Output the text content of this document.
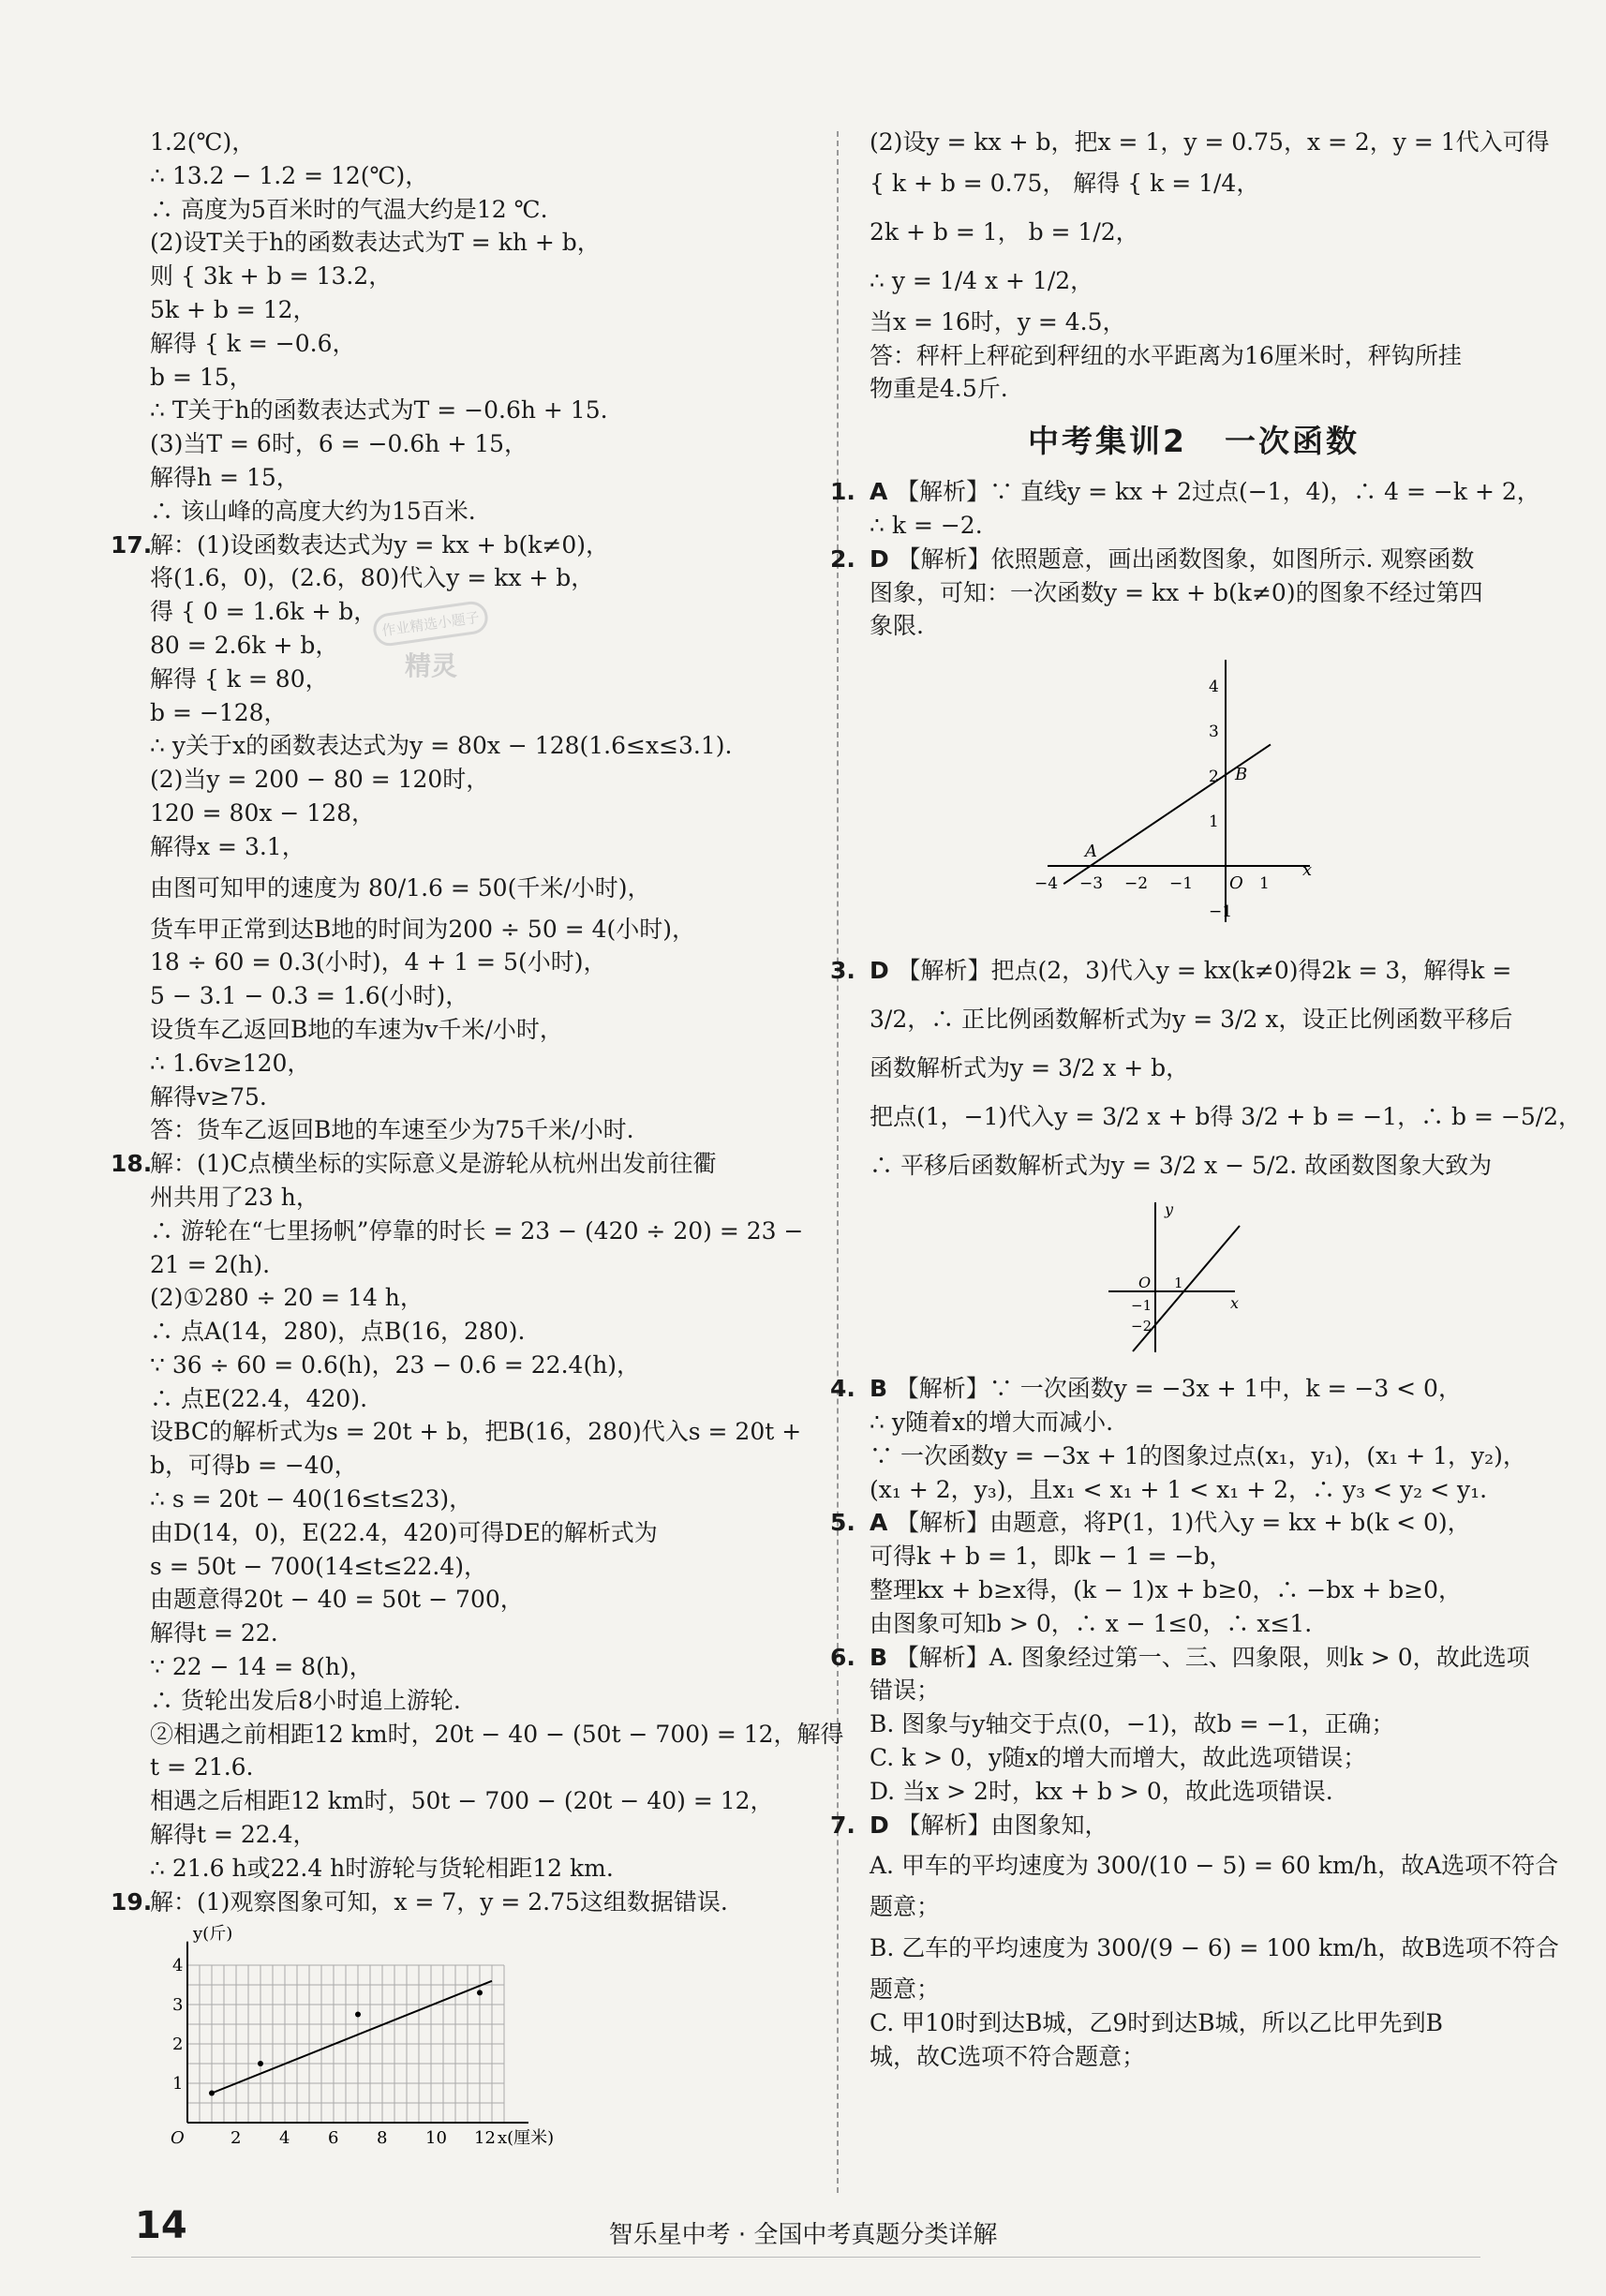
1.2(℃)，
∴ 13.2 − 1.2 = 12(℃)，
∴ 高度为5百米时的气温大约是12 ℃.
(2)设T关于h的函数表达式为T = kh + b，
则 { 3k + b = 13.2，
5k + b = 12，
解得 { k = −0.6，
b = 15，
∴ T关于h的函数表达式为T = −0.6h + 15.
(3)当T = 6时，6 = −0.6h + 15，
解得h = 15，
∴ 该山峰的高度大约为15百米.
17.解：(1)设函数表达式为y = kx + b(k≠0)，
将(1.6，0)，(2.6，80)代入y = kx + b，
得 { 0 = 1.6k + b，
80 = 2.6k + b，
解得 { k = 80，
b = −128，
∴ y关于x的函数表达式为y = 80x − 128(1.6≤x≤3.1).
(2)当y = 200 − 80 = 120时，
120 = 80x − 128，
解得x = 3.1，
由图可知甲的速度为 80/1.6 = 50(千米/小时)，
货车甲正常到达B地的时间为200 ÷ 50 = 4(小时)，
18 ÷ 60 = 0.3(小时)，4 + 1 = 5(小时)，
5 − 3.1 − 0.3 = 1.6(小时)，
设货车乙返回B地的车速为v千米/小时，
∴ 1.6v≥120，
解得v≥75.
答：货车乙返回B地的车速至少为75千米/小时.
18.解：(1)C点横坐标的实际意义是游轮从杭州出发前往衢
州共用了23 h，
∴ 游轮在“七里扬帆”停靠的时长 = 23 − (420 ÷ 20) = 23 −
21 = 2(h).
(2)①280 ÷ 20 = 14 h，
∴ 点A(14，280)，点B(16，280).
∵ 36 ÷ 60 = 0.6(h)，23 − 0.6 = 22.4(h)，
∴ 点E(22.4，420).
设BC的解析式为s = 20t + b，把B(16，280)代入s = 20t +
b，可得b = −40，
∴ s = 20t − 40(16≤t≤23)，
由D(14，0)，E(22.4，420)可得DE的解析式为
s = 50t − 700(14≤t≤22.4)，
由题意得20t − 40 = 50t − 700，
解得t = 22.
∵ 22 − 14 = 8(h)，
∴ 货轮出发后8小时追上游轮.
②相遇之前相距12 km时，20t − 40 − (50t − 700) = 12，解得
t = 21.6.
相遇之后相距12 km时，50t − 700 − (20t − 40) = 12，
解得t = 22.4，
∴ 21.6 h或22.4 h时游轮与货轮相距12 km.
19.解：(1)观察图象可知，x = 7，y = 2.75这组数据错误.
2 4 6 8 10 12
1
2
3
4
O
y(斤)
x(厘米)
(2)设y = kx + b，把x = 1，y = 0.75，x = 2，y = 1代入可得
{ k + b = 0.75， 解得 { k = 1/4，
2k + b = 1， b = 1/2，
∴ y = 1/4 x + 1/2，
当x = 16时，y = 4.5，
答：秤杆上秤砣到秤纽的水平距离为16厘米时，秤钩所挂
物重是4.5斤.
中考集训2 一次函数
1. A 【解析】∵ 直线y = kx + 2过点(−1，4)，∴ 4 = −k + 2，
∴ k = −2.
2. D 【解析】依照题意，画出函数图象，如图所示. 观察函数
图象，可知：一次函数y = kx + b(k≠0)的图象不经过第四
象限.
−4 −3 −2 −1	1
4
3
2
1
−1
A
B
O
x
3. D 【解析】把点(2，3)代入y = kx(k≠0)得2k = 3，解得k =
3/2，∴ 正比例函数解析式为y = 3/2 x，设正比例函数平移后
函数解析式为y = 3/2 x + b，
把点(1，−1)代入y = 3/2 x + b得 3/2 + b = −1，∴ b = −5/2，
∴ 平移后函数解析式为y = 3/2 x − 5/2. 故函数图象大致为
y
x
O 1
−1
−2
4. B 【解析】∵ 一次函数y = −3x + 1中，k = −3 < 0，
∴ y随着x的增大而减小.
∵ 一次函数y = −3x + 1的图象过点(x₁，y₁)，(x₁ + 1，y₂)，
(x₁ + 2，y₃)，且x₁ < x₁ + 1 < x₁ + 2，∴ y₃ < y₂ < y₁.
5. A 【解析】由题意，将P(1，1)代入y = kx + b(k < 0)，
可得k + b = 1，即k − 1 = −b，
整理kx + b≥x得，(k − 1)x + b≥0，∴ −bx + b≥0，
由图象可知b > 0，∴ x − 1≤0，∴ x≤1.
6. B 【解析】A. 图象经过第一、三、四象限，则k > 0，故此选项
错误；
B. 图象与y轴交于点(0，−1)，故b = −1，正确；
C. k > 0，y随x的增大而增大，故此选项错误；
D. 当x > 2时，kx + b > 0，故此选项错误.
7. D 【解析】由图象知，
A. 甲车的平均速度为 300/(10 − 5) = 60 km/h，故A选项不符合
题意；
B. 乙车的平均速度为 300/(9 − 6) = 100 km/h，故B选项不符合
题意；
C. 甲10时到达B城，乙9时到达B城，所以乙比甲先到B
城，故C选项不符合题意；
作业精选小题子
精灵
14	智乐星中考 · 全国中考真题分类详解
